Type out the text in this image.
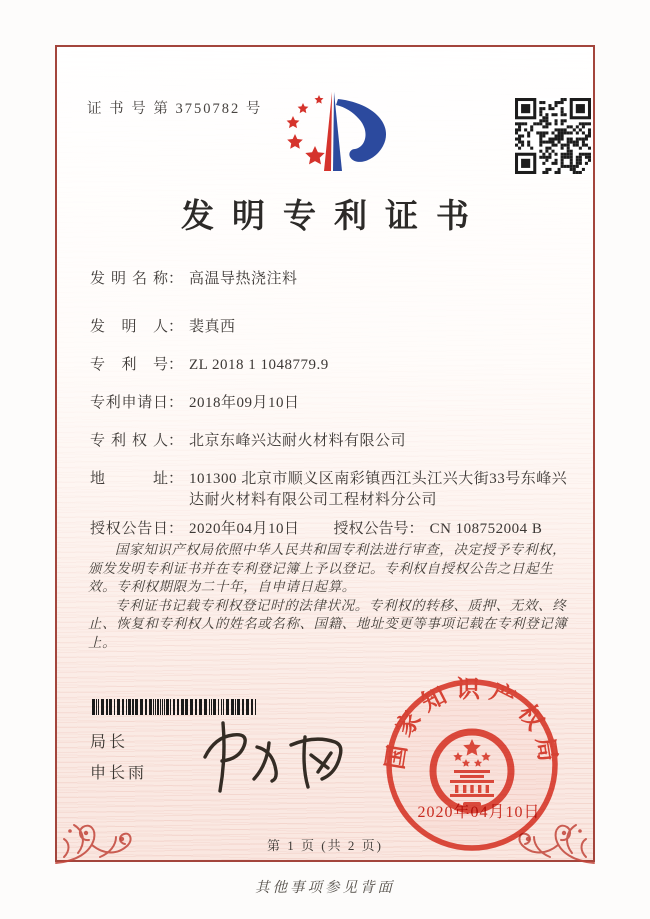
证 书 号 第 3750782 号
发明专利证书
发明名称 ： 高温导热浇注料
发明人 ： 裴真西
专利号 ： ZL 2018 1 1048779.9
专利申请日 ： 2018年09月10日
专利权人 ： 北京东峰兴达耐火材料有限公司
地址 ： 101300 北京市顺义区南彩镇西江头江兴大街33号东峰兴达耐火材料有限公司工程材料分公司
授权公告日 ： 2020年04月10日 授权公告号 ： CN 108752004 B

国家知识产权局依照中华人民共和国专利法进行审查，决定授予专利权，颁发发明专利证书并在专利登记簿上予以登记。专利权自授权公告之日起生效。专利权期限为二十年，自申请日起算。

专利证书记载专利权登记时的法律状况。专利权的转移、质押、无效、终止、恢复和专利权人的姓名或名称、国籍、地址变更等事项记载在专利登记簿上。

局长
申长雨
国家知识产权局
2020年04月10日
第 1 页 (共 2 页)
其他事项参见背面
